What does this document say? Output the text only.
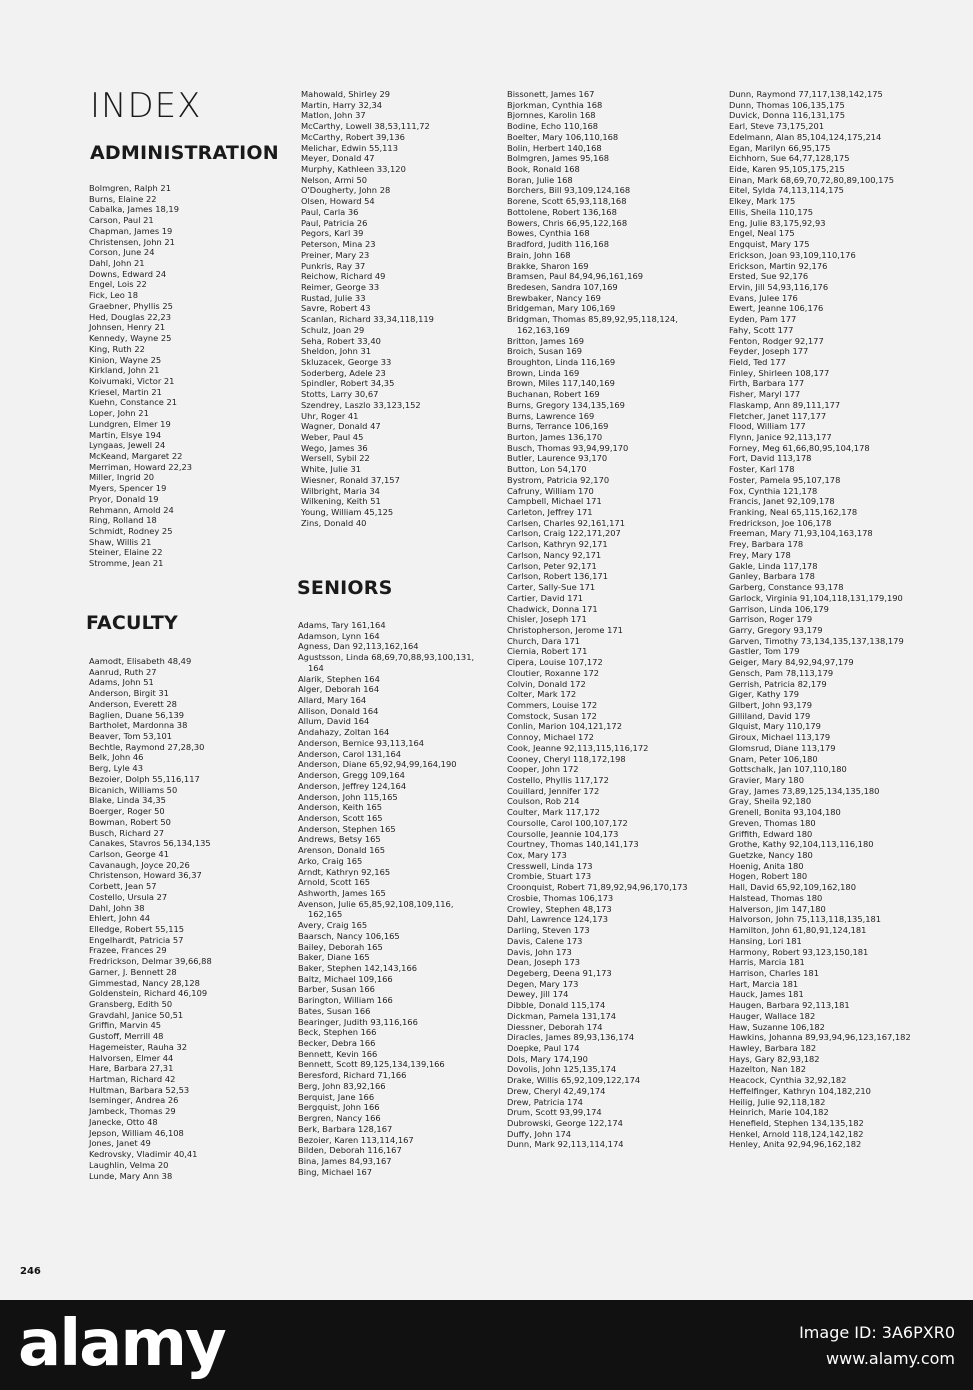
INDEX
ADMINISTRATION
FACULTY
SENIORS
Bolmgren, Ralph 21
Burns, Elaine 22
Cabalka, James 18,19
Carson, Paul 21
Chapman, James 19
Christensen, John 21
Corson, June 24
Dahl, John 21
Downs, Edward 24
Engel, Lois 22
Fick, Leo 18
Graebner, Phyllis 25
Hed, Douglas 22,23
Johnsen, Henry 21
Kennedy, Wayne 25
King, Ruth 22
Kinion, Wayne 25
Kirkland, John 21
Koivumaki, Victor 21
Kriesel, Martin 21
Kuehn, Constance 21
Loper, John 21
Lundgren, Elmer 19
Martin, Elsye 194
Lyngaas, Jewell 24
McKeand, Margaret 22
Merriman, Howard 22,23
Miller, Ingrid 20
Myers, Spencer 19
Pryor, Donald 19
Rehmann, Arnold 24
Ring, Rolland 18
Schmidt, Rodney 25
Shaw, Willis 21
Steiner, Elaine 22
Stromme, Jean 21
Aamodt, Elisabeth 48,49
Aanrud, Ruth 27
Adams, John 51
Anderson, Birgit 31
Anderson, Everett 28
Baglien, Duane 56,139
Bartholet, Mardonna 38
Beaver, Tom 53,101
Bechtle, Raymond 27,28,30
Belk, John 46
Berg, Lyle 43
Bezoier, Dolph 55,116,117
Bicanich, Williams 50
Blake, Linda 34,35
Boerger, Roger 50
Bowman, Robert 50
Busch, Richard 27
Canakes, Stavros 56,134,135
Carlson, George 41
Cavanaugh, Joyce 20,26
Christenson, Howard 36,37
Corbett, Jean 57
Costello, Ursula 27
Dahl, John 38
Ehlert, John 44
Elledge, Robert 55,115
Engelhardt, Patricia 57
Frazee, Frances 29
Fredrickson, Delmar 39,66,88
Garner, J. Bennett 28
Gimmestad, Nancy 28,128
Goldenstein, Richard 46,109
Gransberg, Edith 50
Gravdahl, Janice 50,51
Griffin, Marvin 45
Gustoff, Merrill 48
Hagemeister, Rauha 32
Halvorsen, Elmer 44
Hare, Barbara 27,31
Hartman, Richard 42
Hultman, Barbara 52,53
Iseminger, Andrea 26
Jambeck, Thomas 29
Janecke, Otto 48
Jepson, William 46,108
Jones, Janet 49
Kedrovsky, Vladimir 40,41
Laughlin, Velma 20
Lunde, Mary Ann 38
Mahowald, Shirley 29
Martin, Harry 32,34
Matlon, John 37
McCarthy, Lowell 38,53,111,72
McCarthy, Robert 39,136
Melichar, Edwin 55,113
Meyer, Donald 47
Murphy, Kathleen 33,120
Nelson, Armi 50
O'Dougherty, John 28
Olsen, Howard 54
Paul, Carla 36
Paul, Patricia 26
Pegors, Karl 39
Peterson, Mina 23
Preiner, Mary 23
Punkris, Ray 37
Reichow, Richard 49
Reimer, George 33
Rustad, Julie 33
Savre, Robert 43
Scanlan, Richard 33,34,118,119
Schulz, Joan 29
Seha, Robert 33,40
Sheldon, John 31
Skluzacek, George 33
Soderberg, Adele 23
Spindler, Robert 34,35
Stotts, Larry 30,67
Szendrey, Laszlo 33,123,152
Uhr, Roger 41
Wagner, Donald 47
Weber, Paul 45
Wego, James 36
Wersell, Sybil 22
White, Julie 31
Wiesner, Ronald 37,157
Wilbright, Maria 34
Wilkening, Keith 51
Young, William 45,125
Zins, Donald 40
Adams, Tary 161,164
Adamson, Lynn 164
Agness, Dan 92,113,162,164
Agustsson, Linda 68,69,70,88,93,100,131,
164
Alarik, Stephen 164
Alger, Deborah 164
Allard, Mary 164
Allison, Donald 164
Allum, David 164
Andahazy, Zoltan 164
Anderson, Bernice 93,113,164
Anderson, Carol 131,164
Anderson, Diane 65,92,94,99,164,190
Anderson, Gregg 109,164
Anderson, Jeffrey 124,164
Anderson, John 115,165
Anderson, Keith 165
Anderson, Scott 165
Anderson, Stephen 165
Andrews, Betsy 165
Arenson, Donald 165
Arko, Craig 165
Arndt, Kathryn 92,165
Arnold, Scott 165
Ashworth, James 165
Avenson, Julie 65,85,92,108,109,116,
162,165
Avery, Craig 165
Baarsch, Nancy 106,165
Bailey, Deborah 165
Baker, Diane 165
Baker, Stephen 142,143,166
Baltz, Michael 109,166
Barber, Susan 166
Barington, William 166
Bates, Susan 166
Bearinger, Judith 93,116,166
Beck, Stephen 166
Becker, Debra 166
Bennett, Kevin 166
Bennett, Scott 89,125,134,139,166
Beresford, Richard 71,166
Berg, John 83,92,166
Berquist, Jane 166
Bergquist, John 166
Bergren, Nancy 166
Berk, Barbara 128,167
Bezoier, Karen 113,114,167
Bilden, Deborah 116,167
Bina, James 84,93,167
Bing, Michael 167
Bissonett, James 167
Bjorkman, Cynthia 168
Bjornnes, Karolin 168
Bodine, Echo 110,168
Boelter, Mary 106,110,168
Bolin, Herbert 140,168
Bolmgren, James 95,168
Book, Ronald 168
Boran, Julie 168
Borchers, Bill 93,109,124,168
Borene, Scott 65,93,118,168
Bottolene, Robert 136,168
Bowers, Chris 66,95,122,168
Bowes, Cynthia 168
Bradford, Judith 116,168
Brain, John 168
Brakke, Sharon 169
Bramsen, Paul 84,94,96,161,169
Bredesen, Sandra 107,169
Brewbaker, Nancy 169
Bridgeman, Mary 106,169
Bridgman, Thomas 85,89,92,95,118,124,
162,163,169
Britton, James 169
Broich, Susan 169
Broughton, Linda 116,169
Brown, Linda 169
Brown, Miles 117,140,169
Buchanan, Robert 169
Burns, Gregory 134,135,169
Burns, Lawrence 169
Burns, Terrance 106,169
Burton, James 136,170
Busch, Thomas 93,94,99,170
Butler, Laurence 93,170
Button, Lon 54,170
Bystrom, Patricia 92,170
Cafruny, William 170
Campbell, Michael 171
Carleton, Jeffrey 171
Carlsen, Charles 92,161,171
Carlson, Craig 122,171,207
Carlson, Kathryn 92,171
Carlson, Nancy 92,171
Carlson, Peter 92,171
Carlson, Robert 136,171
Carter, Sally-Sue 171
Cartier, David 171
Chadwick, Donna 171
Chisler, Joseph 171
Christopherson, Jerome 171
Church, Dara 171
Ciernia, Robert 171
Cipera, Louise 107,172
Cloutier, Roxanne 172
Colvin, Donald 172
Colter, Mark 172
Commers, Louise 172
Comstock, Susan 172
Conlin, Marion 104,121,172
Connoy, Michael 172
Cook, Jeanne 92,113,115,116,172
Cooney, Cheryl 118,172,198
Cooper, John 172
Costello, Phyllis 117,172
Couillard, Jennifer 172
Coulson, Rob 214
Coulter, Mark 117,172
Coursolle, Carol 100,107,172
Coursolle, Jeannie 104,173
Courtney, Thomas 140,141,173
Cox, Mary 173
Cresswell, Linda 173
Crombie, Stuart 173
Croonquist, Robert 71,89,92,94,96,170,173
Crosbie, Thomas 106,173
Crowley, Stephen 48,173
Dahl, Lawrence 124,173
Darling, Steven 173
Davis, Calene 173
Davis, John 173
Dean, Joseph 173
Degeberg, Deena 91,173
Degen, Mary 173
Dewey, Jill 174
Dibble, Donald 115,174
Dickman, Pamela 131,174
Diessner, Deborah 174
Diracles, James 89,93,136,174
Doepke, Paul 174
Dols, Mary 174,190
Dovolis, John 125,135,174
Drake, Willis 65,92,109,122,174
Drew, Cheryl 42,49,174
Drew, Patricia 174
Drum, Scott 93,99,174
Dubrowski, George 122,174
Duffy, John 174
Dunn, Mark 92,113,114,174
Dunn, Raymond 77,117,138,142,175
Dunn, Thomas 106,135,175
Duvick, Donna 116,131,175
Earl, Steve 73,175,201
Edelmann, Alan 85,104,124,175,214
Egan, Marilyn 66,95,175
Eichhorn, Sue 64,77,128,175
Eide, Karen 95,105,175,215
Einan, Mark 68,69,70,72,80,89,100,175
Eitel, Sylda 74,113,114,175
Elkey, Mark 175
Ellis, Sheila 110,175
Eng, Julie 83,175,92,93
Engel, Neal 175
Engquist, Mary 175
Erickson, Joan 93,109,110,176
Erickson, Martin 92,176
Ersted, Sue 92,176
Ervin, Jill 54,93,116,176
Evans, Julee 176
Ewert, Jeanne 106,176
Eyden, Pam 177
Fahy, Scott 177
Fenton, Rodger 92,177
Feyder, Joseph 177
Field, Ted 177
Finley, Shirleen 108,177
Firth, Barbara 177
Fisher, Maryl 177
Flaskamp, Ann 89,111,177
Fletcher, Janet 117,177
Flood, William 177
Flynn, Janice 92,113,177
Forney, Meg 61,66,80,95,104,178
Fort, David 113,178
Foster, Karl 178
Foster, Pamela 95,107,178
Fox, Cynthia 121,178
Francis, Janet 92,109,178
Franking, Neal 65,115,162,178
Fredrickson, Joe 106,178
Freeman, Mary 71,93,104,163,178
Frey, Barbara 178
Frey, Mary 178
Gakle, Linda 117,178
Ganley, Barbara 178
Garberg, Constance 93,178
Garlock, Virginia 91,104,118,131,179,190
Garrison, Linda 106,179
Garrison, Roger 179
Garry, Gregory 93,179
Garven, Timothy 73,134,135,137,138,179
Gastler, Tom 179
Geiger, Mary 84,92,94,97,179
Gensch, Pam 78,113,179
Gerrish, Patricia 82,179
Giger, Kathy 179
Gilbert, John 93,179
Gilliland, David 179
Glquist, Mary 110,179
Giroux, Michael 113,179
Glomsrud, Diane 113,179
Gnam, Peter 106,180
Gottschalk, Jan 107,110,180
Gravier, Mary 180
Gray, James 73,89,125,134,135,180
Gray, Sheila 92,180
Grenell, Bonita 93,104,180
Greven, Thomas 180
Griffith, Edward 180
Grothe, Kathy 92,104,113,116,180
Guetzke, Nancy 180
Hoenig, Anita 180
Hogen, Robert 180
Hall, David 65,92,109,162,180
Halstead, Thomas 180
Halverson, Jim 147,180
Halvorson, John 75,113,118,135,181
Hamilton, John 61,80,91,124,181
Hansing, Lori 181
Harmony, Robert 93,123,150,181
Harris, Marcia 181
Harrison, Charles 181
Hart, Marcia 181
Hauck, James 181
Haugen, Barbara 92,113,181
Hauger, Wallace 182
Haw, Suzanne 106,182
Hawkins, Johanna 89,93,94,96,123,167,182
Hawley, Barbara 182
Hays, Gary 82,93,182
Hazelton, Nan 182
Heacock, Cynthia 32,92,182
Heffelfinger, Kathryn 104,182,210
Heilig, Julie 92,118,182
Heinrich, Marie 104,182
Henefield, Stephen 134,135,182
Henkel, Arnold 118,124,142,182
Henley, Anita 92,94,96,162,182
246
alamy	Image ID: 3A6PXR0
www.alamy.com
